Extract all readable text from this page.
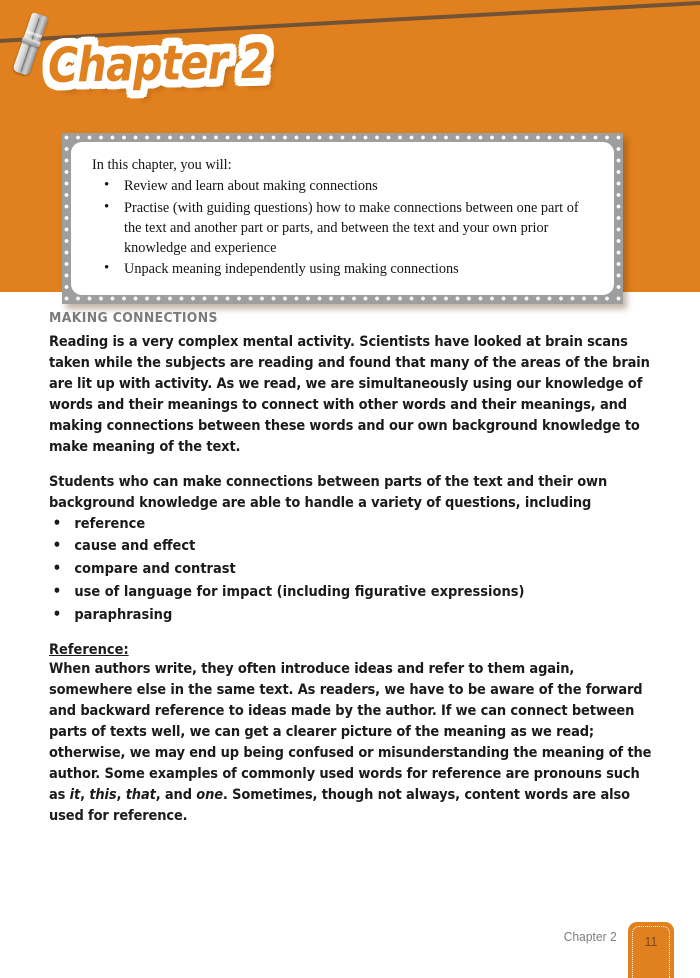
Chapter 2

In this chapter, you will:

• Review and learn about making connections
• Practise (with guiding questions) how to make connections between one part of the text and another part or parts, and between the text and your own prior knowledge and experience
• Unpack meaning independently using making connections
MAKING CONNECTIONS

Reading is a very complex mental activity. Scientists have looked at brain scans taken while the subjects are reading and found that many of the areas of the brain are lit up with activity. As we read, we are simultaneously using our knowledge of words and their meanings to connect with other words and their meanings, and making connections between these words and our own background knowledge to make meaning of the text.

Students who can make connections between parts of the text and their own background knowledge are able to handle a variety of questions, including

• reference
• cause and effect
• compare and contrast
• use of language for impact (including figurative expressions)
• paraphrasing
Reference:

When authors write, they often introduce ideas and refer to them again, somewhere else in the same text. As readers, we have to be aware of the forward and backward reference to ideas made by the author. If we can connect between parts of texts well, we can get a clearer picture of the meaning as we read; otherwise, we may end up being confused or misunderstanding the meaning of the author. Some examples of commonly used words for reference are pronouns such as it, this, that, and one. Sometimes, though not always, content words are also used for reference.

Chapter 2	11
